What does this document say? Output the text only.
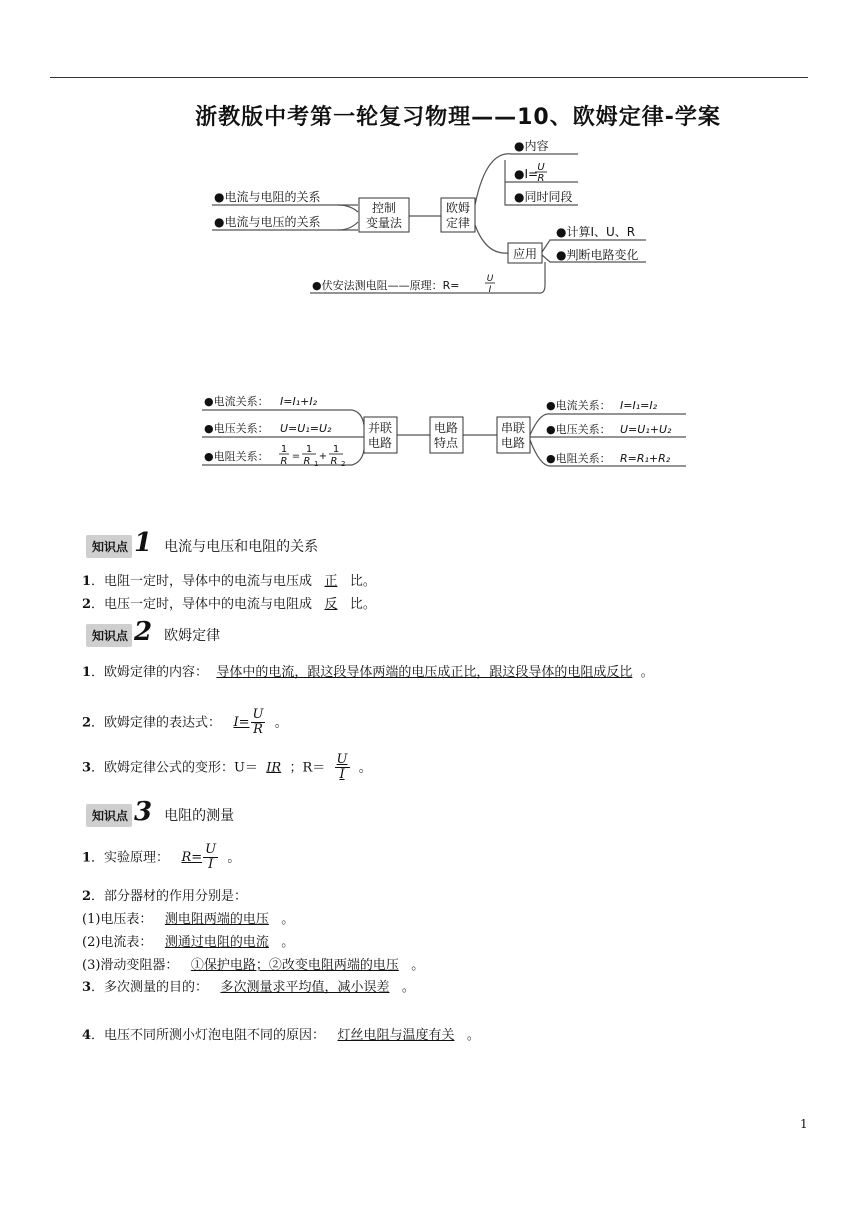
浙教版中考第一轮复习物理——10、欧姆定律-学案
●电流与电阻的关系
●电流与电压的关系
控制
变量法
欧姆
定律
●内容
●I= U
R
●同时同段
应用
●计算I、U、R
●判断电路变化
●伏安法测电阻——原理：R=	U
I
并联
电路
电路
特点
串联
电路
●电流关系： I=I₁+I₂
●电压关系： U=U₁=U₂
●电阻关系：
1
R =
1
R 1
+
1
R 2
●电流关系： I=I₁=I₂
●电压关系： U=U₁+U₂
●电阻关系： R=R₁+R₂
知识点 1 电流与电压和电阻的关系
1．电阻一定时，导体中的电流与电压成 正 比。
2．电压一定时，导体中的电流与电阻成 反 比。
知识点 2 欧姆定律
1．欧姆定律的内容： 导体中的电流，跟这段导体两端的电压成正比，跟这段导体的电阻成反比 。
2．欧姆定律的表达式： $I= \frac{U}{R}$ 。
3．欧姆定律公式的变形：U＝ IR ；$R= \frac{U}{I}$ 。
知识点 3 电阻的测量
1．实验原理： $R= \frac{U}{I}$ 。
2．部分器材的作用分别是：
(1)电压表： 测电阻两端的电压 。
(2)电流表： 测通过电阻的电流 。
(3)滑动变阻器： ①保护电路；②改变电阻两端的电压 。
3．多次测量的目的： 多次测量求平均值，减小误差 。
4．电压不同所测小灯泡电阻不同的原因： 灯丝电阻与温度有关 。
1
